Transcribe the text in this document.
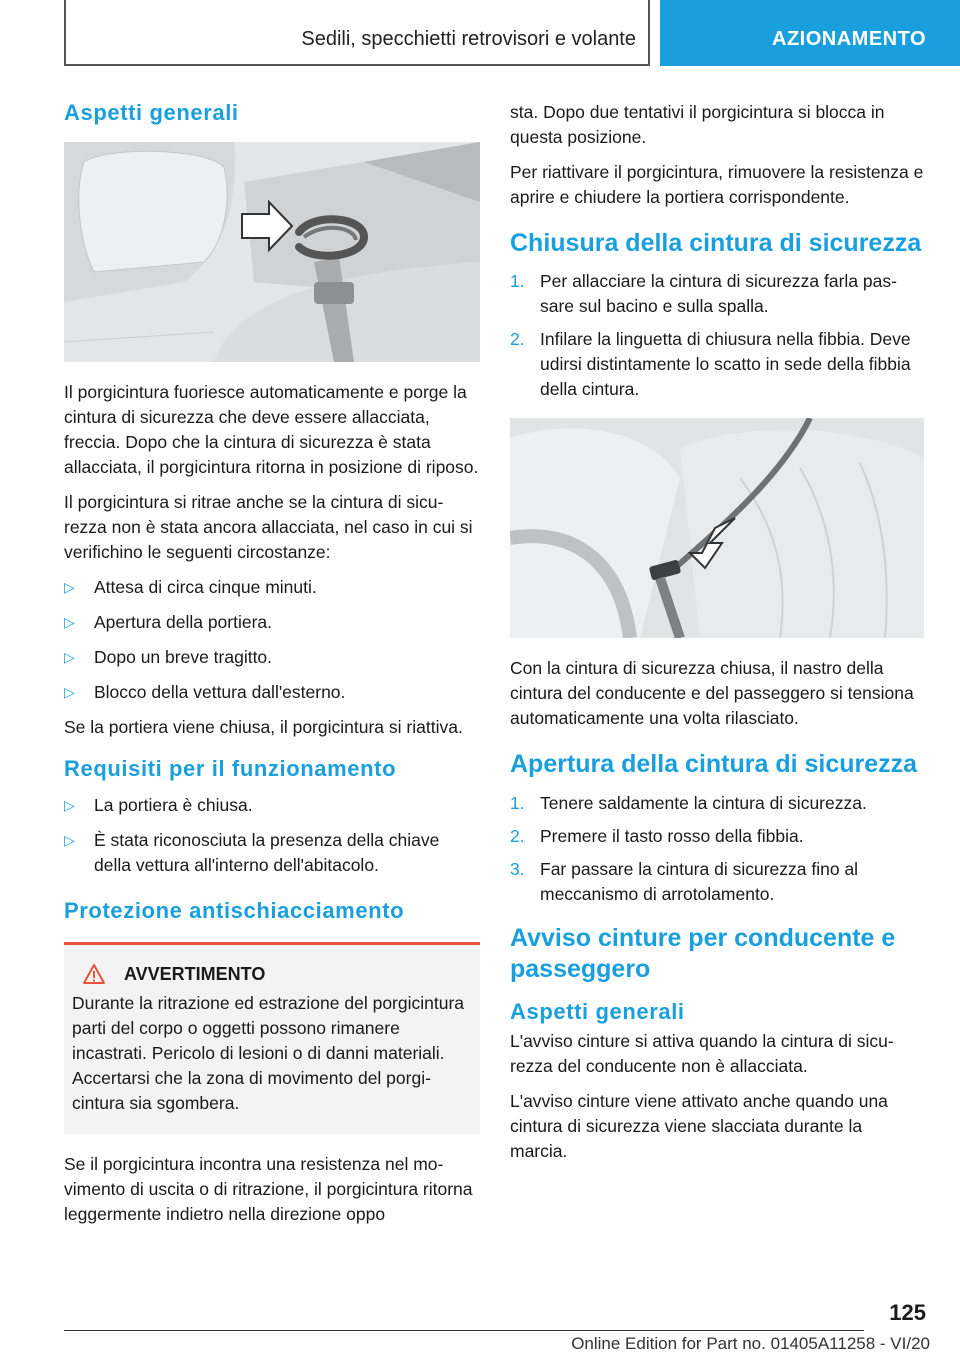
Sedili, specchietti retrovisori e volante	AZIONAMENTO
Aspetti generali

Il porgicintura fuoriesce automaticamente e porge la cintura di sicurezza che deve essere allacciata, freccia. Dopo che la cintura di sicurezza è stata allacciata, il porgicintura ritorna in posizione di riposo.

Il porgicintura si ritrae anche se la cintura di sicurezza non è stata ancora allacciata, nel caso in cui si verifichino le seguenti circostanze:

▷ Attesa di circa cinque minuti.
▷ Apertura della portiera.
▷ Dopo un breve tragitto.
▷ Blocco della vettura dall'esterno.

Se la portiera viene chiusa, il porgicintura si riattiva.

Requisiti per il funzionamento
▷ La portiera è chiusa.
▷ È stata riconosciuta la presenza della chiave della vettura all'interno dell'abitacolo.
Protezione antischiacciamento
AVVERTIMENTO

Durante la ritrazione ed estrazione del porgicintura parti del corpo o oggetti possono rimanere incastrati. Pericolo di lesioni o di danni materiali. Accertarsi che la zona di movimento del porgicintura sia sgombera.

Se il porgicintura incontra una resistenza nel movimento di uscita o di ritrazione, il porgicintura ritorna leggermente indietro nella direzione oppo

sta. Dopo due tentativi il porgicintura si blocca in questa posizione.

Per riattivare il porgicintura, rimuovere la resistenza e aprire e chiudere la portiera corrispondente.

Chiusura della cintura di sicurezza
1. Per allacciare la cintura di sicurezza farla passare sul bacino e sulla spalla.
2. Infilare la linguetta di chiusura nella fibbia. Deve udirsi distintamente lo scatto in sede della fibbia della cintura.

Con la cintura di sicurezza chiusa, il nastro della cintura del conducente e del passeggero si tensiona automaticamente una volta rilasciato.

Apertura della cintura di sicurezza
1. Tenere saldamente la cintura di sicurezza.
2. Premere il tasto rosso della fibbia.
3. Far passare la cintura di sicurezza fino al meccanismo di arrotolamento.
Avviso cinture per conducente e passeggero
Aspetti generali

L'avviso cinture si attiva quando la cintura di sicurezza del conducente non è allacciata.

L'avviso cinture viene attivato anche quando una cintura di sicurezza viene slacciata durante la marcia.

125
Online Edition for Part no. 01405A11258 - VI/20
